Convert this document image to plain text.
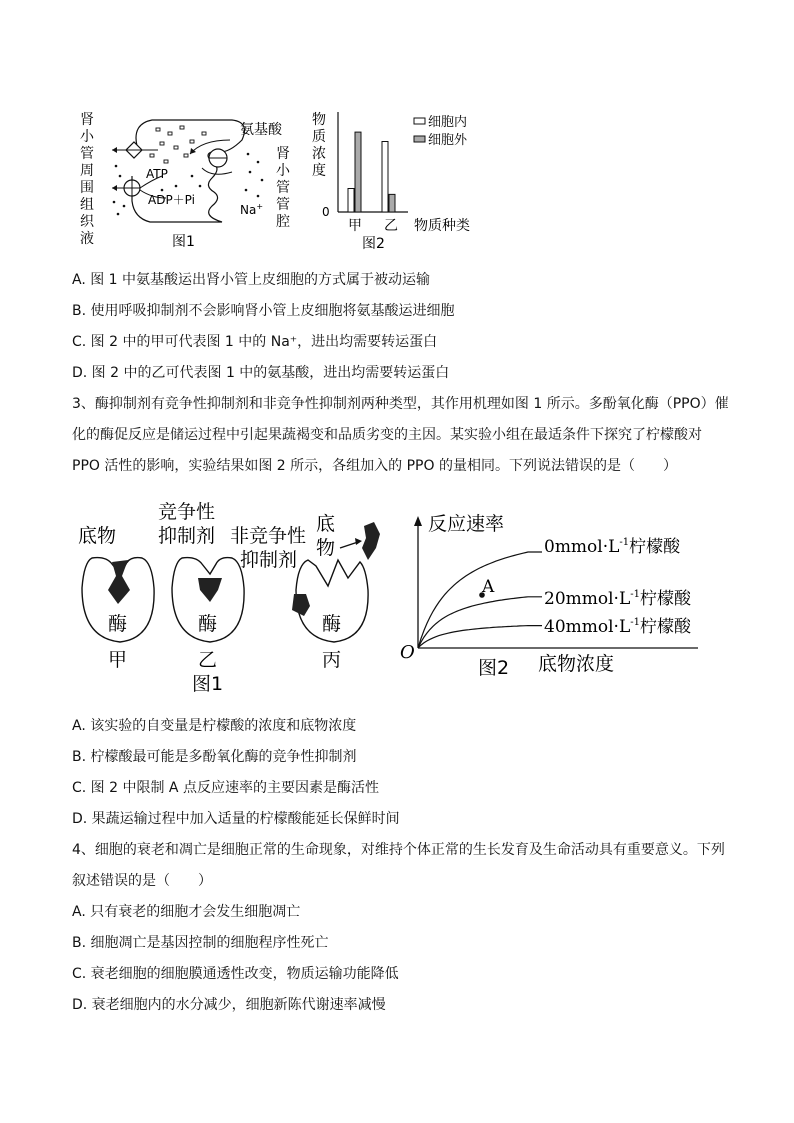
肾
小
管
周
围
组
织
液
ATP
ADP＋Pi
氨基酸
Na+
肾
小
管
管
腔
图1
物
质
浓
度
0
细胞内
细胞外
甲 乙 物质种类
图2
A. 图 1 中氨基酸运出肾小管上皮细胞的方式属于被动运输
B. 使用呼吸抑制剂不会影响肾小管上皮细胞将氨基酸运进细胞
C. 图 2 中的甲可代表图 1 中的 Na⁺，进出均需要转运蛋白
D. 图 2 中的乙可代表图 1 中的氨基酸，进出均需要转运蛋白
3、酶抑制剂有竞争性抑制剂和非竞争性抑制剂两种类型，其作用机理如图 1 所示。多酚氧化酶（PPO）催
化的酶促反应是储运过程中引起果蔬褐变和品质劣变的主因。某实验小组在最适条件下探究了柠檬酸对
PPO 活性的影响，实验结果如图 2 所示，各组加入的 PPO 的量相同。下列说法错误的是（　　）
底物
酶
甲
竞争性
抑制剂
酶
乙
图1
非竞争性
抑制剂
酶
丙
底
物
反应速率
O
A
$0mmol\cdot L^{-1}$柠檬酸
$20mmol\cdot L^{-1}$柠檬酸
$40mmol\cdot L^{-1}$柠檬酸
图2 底物浓度
A. 该实验的自变量是柠檬酸的浓度和底物浓度
B. 柠檬酸最可能是多酚氧化酶的竞争性抑制剂
C. 图 2 中限制 A 点反应速率的主要因素是酶活性
D. 果蔬运输过程中加入适量的柠檬酸能延长保鲜时间
4、细胞的衰老和凋亡是细胞正常的生命现象，对维持个体正常的生长发育及生命活动具有重要意义。下列
叙述错误的是（　　）
A. 只有衰老的细胞才会发生细胞凋亡
B. 细胞凋亡是基因控制的细胞程序性死亡
C. 衰老细胞的细胞膜通透性改变，物质运输功能降低
D. 衰老细胞内的水分减少，细胞新陈代谢速率减慢
